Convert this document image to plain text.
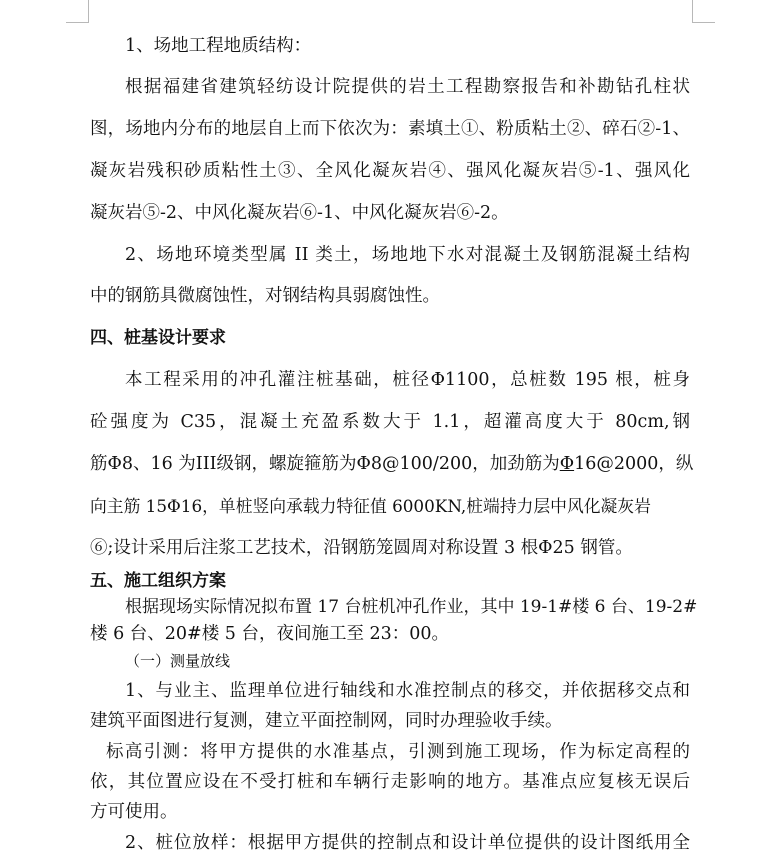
1、场地工程地质结构：
根据福建省建筑轻纺设计院提供的岩土工程勘察报告和补勘钻孔柱状
图，场地内分布的地层自上而下依次为：素填土①、粉质粘土②、碎石②-1、
凝灰岩残积砂质粘性土③、全风化凝灰岩④、强风化凝灰岩⑤-1、强风化
凝灰岩⑤-2、中风化凝灰岩⑥-1、中风化凝灰岩⑥-2。
2、场地环境类型属 II 类土，场地地下水对混凝土及钢筋混凝土结构
中的钢筋具微腐蚀性，对钢结构具弱腐蚀性。
四、桩基设计要求
本工程采用的冲孔灌注桩基础，桩径Φ1100，总桩数 195 根，桩身
砼强度为 C35，混凝土充盈系数大于 1.1，超灌高度大于 80cm,钢
筋Φ8、16 为III级钢，螺旋箍筋为Φ8@100/200，加劲筋为Φ16@2000，纵
向主筋 15Φ16，单桩竖向承载力特征值 6000KN,桩端持力层中风化凝灰岩
⑥;设计采用后注浆工艺技术，沿钢筋笼圆周对称设置 3 根Φ25 钢管。
五、施工组织方案
根据现场实际情况拟布置 17 台桩机冲孔作业，其中 19-1#楼 6 台、19-2#
楼 6 台、20#楼 5 台，夜间施工至 23：00。
（一）测量放线
1、与业主、监理单位进行轴线和水准控制点的移交，并依据移交点和
建筑平面图进行复测，建立平面控制网，同时办理验收手续。
标高引测：将甲方提供的水准基点，引测到施工现场，作为标定高程的
依，其位置应设在不受打桩和车辆行走影响的地方。基准点应复核无误后
方可使用。
2、桩位放样：根据甲方提供的控制点和设计单位提供的设计图纸用全
